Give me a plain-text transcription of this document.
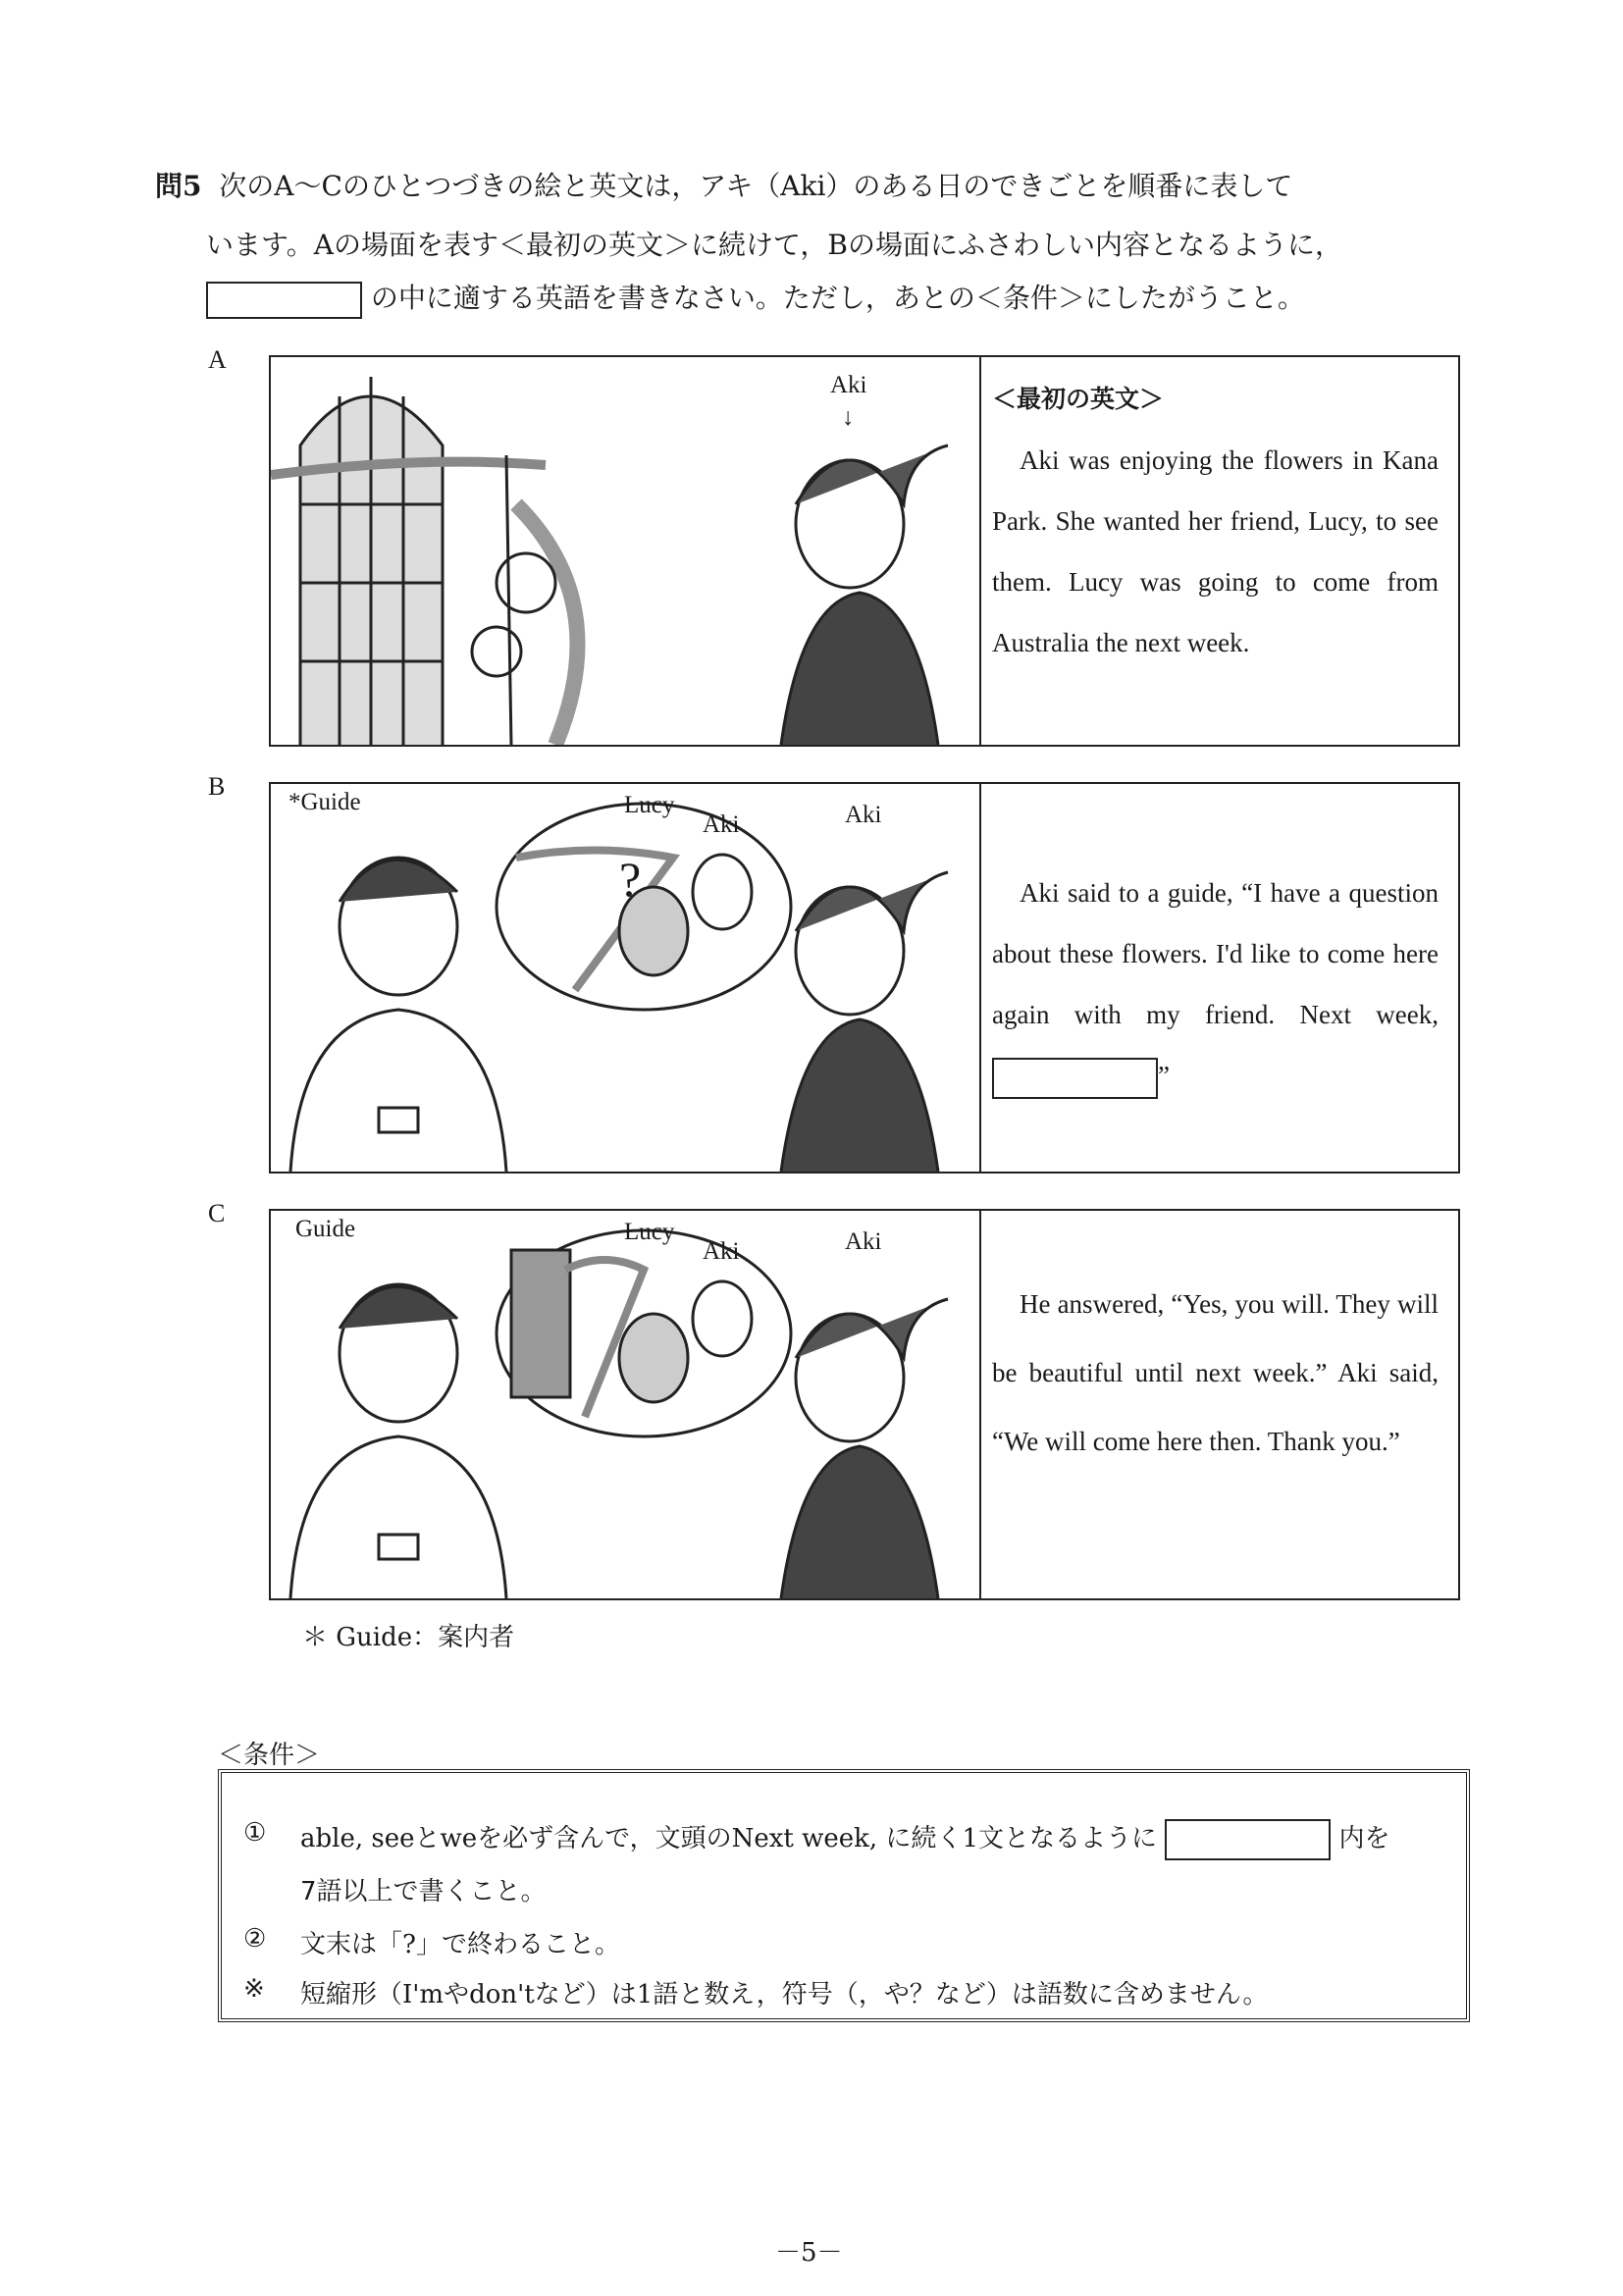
問5 次のA～Cのひとつづきの絵と英文は，アキ（Aki）のある日のできごとを順番に表して
います。Aの場面を表す＜最初の英文＞に続けて，Bの場面にふさわしい内容となるように，
の中に適する英語を書きなさい。ただし，あとの＜条件＞にしたがうこと。
A
Aki
↓
＜最初の英文＞
Aki was enjoying the flowers in Kana Park. She wanted her friend, Lucy, to see them. Lucy was going to come from Australia the next week.
B
*Guide
?
Lucy
Aki	Aki
Aki said to a guide, “I have a question about these flowers. I'd like to come here again with my friend. Next week, ”
C
Guide	Lucy
Aki	Aki
He answered, “Yes, you will. They will be beautiful until next week.” Aki said, “We will come here then. Thank you.”
＊ Guide：案内者
＜条件＞
① able, seeとweを必ず含んで，文頭のNext week, に続く1文となるように	内を
7語以上で書くこと。
② 文末は「?」で終わること。
※ 短縮形（I'mやdon'tなど）は1語と数え，符号（，や？など）は語数に含めません。
－5－
